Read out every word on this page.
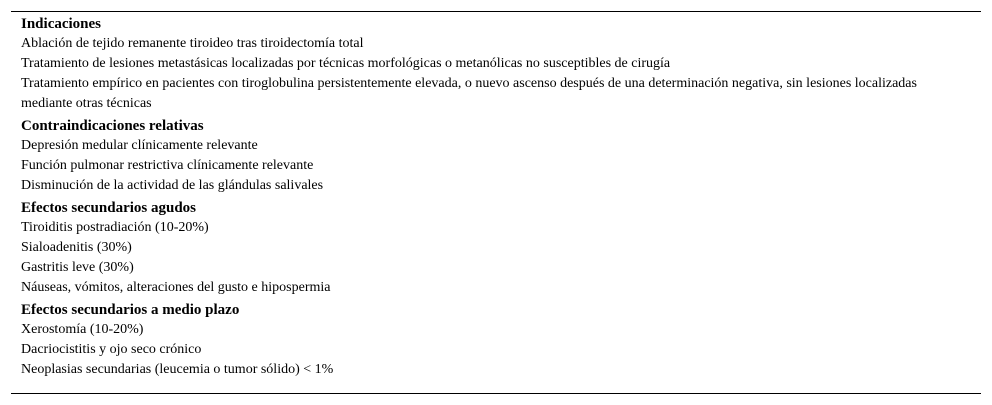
Indicaciones
Ablación de tejido remanente tiroideo tras tiroidectomía total
Tratamiento de lesiones metastásicas localizadas por técnicas morfológicas o metanólicas no susceptibles de cirugía
Tratamiento empírico en pacientes con tiroglobulina persistentemente elevada, o nuevo ascenso después de una determinación negativa, sin lesiones localizadas mediante otras técnicas
Contraindicaciones relativas
Depresión medular clínicamente relevante
Función pulmonar restrictiva clínicamente relevante
Disminución de la actividad de las glándulas salivales
Efectos secundarios agudos
Tiroiditis postradiación (10-20%)
Sialoadenitis (30%)
Gastritis leve (30%)
Náuseas, vómitos, alteraciones del gusto e hipospermia
Efectos secundarios a medio plazo
Xerostomía (10-20%)
Dacriocistitis y ojo seco crónico
Neoplasias secundarias (leucemia o tumor sólido) < 1%
